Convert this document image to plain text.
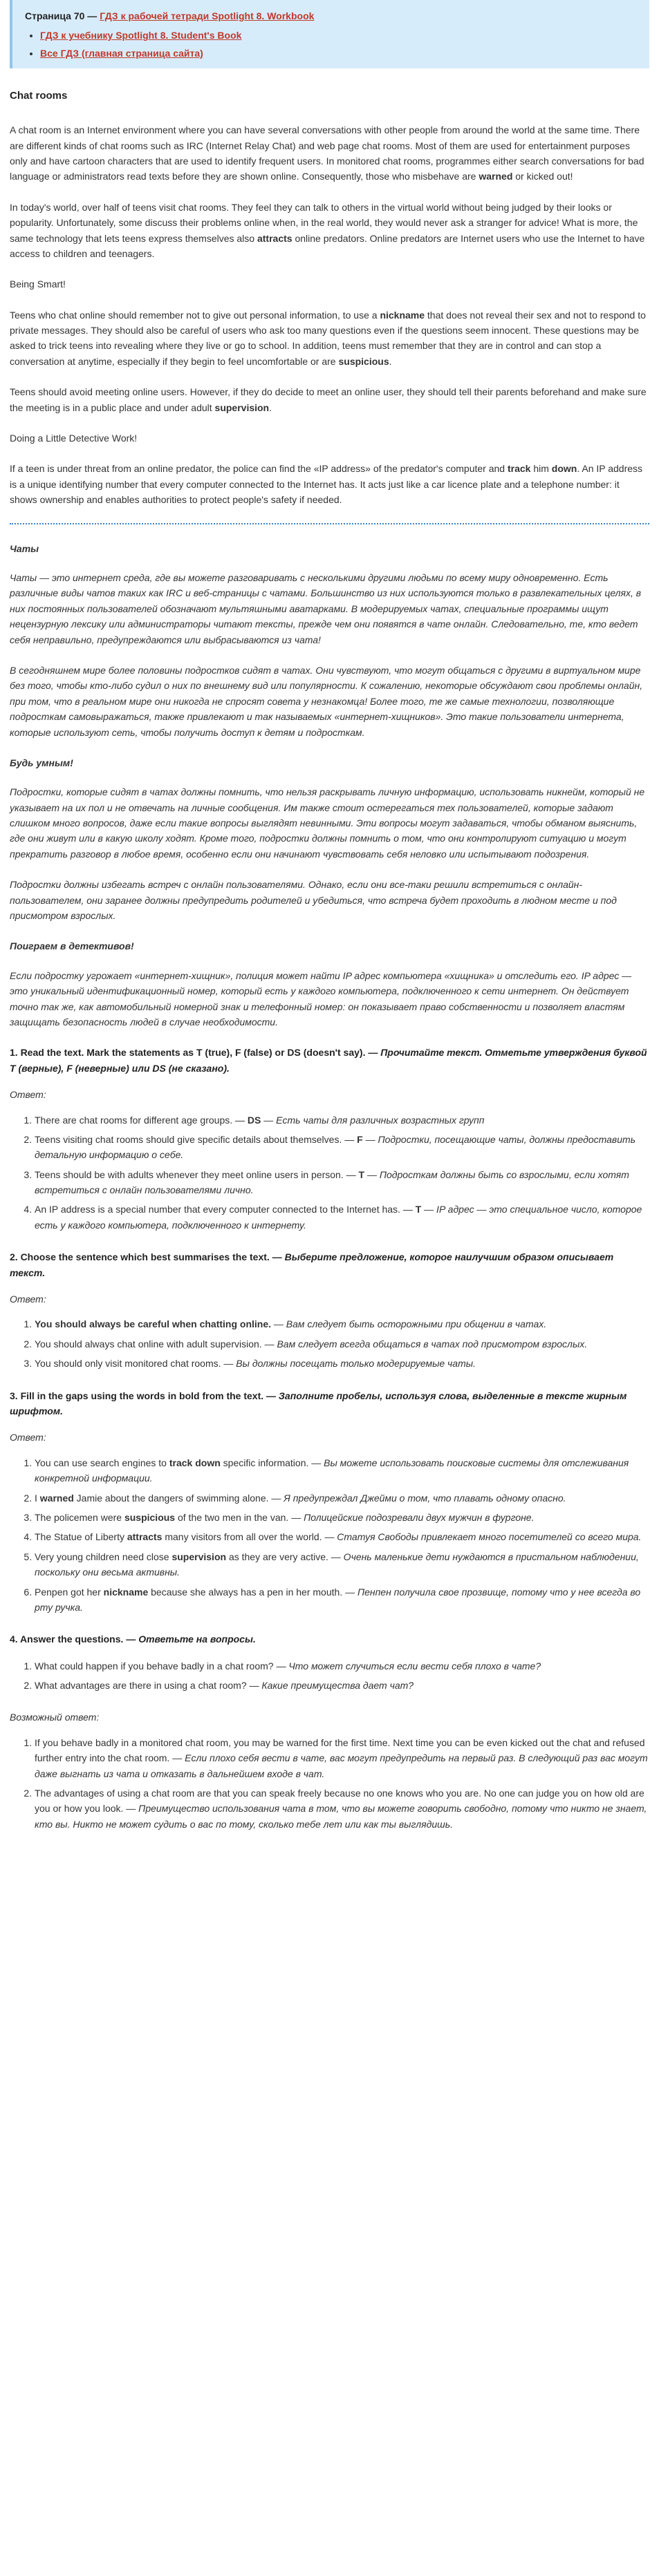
Страница 70 — ГДЗ к рабочей тетради Spotlight 8. Workbook

• ГДЗ к учебнику Spotlight 8. Student's Book
• Все ГДЗ (главная страница сайта)
Chat rooms

A chat room is an Internet environment where you can have several conversations with other people from around the world at the same time. There are different kinds of chat rooms such as IRC (Internet Relay Chat) and web page chat rooms. Most of them are used for entertainment purposes only and have cartoon characters that are used to identify frequent users. In monitored chat rooms, programmes either search conversations for bad language or administrators read texts before they are shown online. Consequently, those who misbehave are warned or kicked out!

In today's world, over half of teens visit chat rooms. They feel they can talk to others in the virtual world without being judged by their looks or popularity. Unfortunately, some discuss their problems online when, in the real world, they would never ask a stranger for advice! What is more, the same technology that lets teens express themselves also attracts online predators. Online predators are Internet users who use the Internet to have access to children and teenagers.

Being Smart!

Teens who chat online should remember not to give out personal information, to use a nickname that does not reveal their sex and not to respond to private messages. They should also be careful of users who ask too many questions even if the questions seem innocent. These questions may be asked to trick teens into revealing where they live or go to school. In addition, teens must remember that they are in control and can stop a conversation at anytime, especially if they begin to feel uncomfortable or are suspicious.

Teens should avoid meeting online users. However, if they do decide to meet an online user, they should tell their parents beforehand and make sure the meeting is in a public place and under adult supervision.

Doing a Little Detective Work!

If a teen is under threat from an online predator, the police can find the «IP address» of the predator's computer and track him down. An IP address is a unique identifying number that every computer connected to the Internet has. It acts just like a car licence plate and a telephone number: it shows ownership and enables authorities to protect people's safety if needed.

Чаты

Чаты — это интернет среда, где вы можете разговаривать с несколькими другими людьми по всему миру одновременно. Есть различные виды чатов таких как IRC и веб-страницы с чатами. Большинство из них используются только в развлекательных целях, в них постоянных пользователей обозначают мультяшными аватарками. В модерируемых чатах, специальные программы ищут нецензурную лексику или администраторы читают тексты, прежде чем они появятся в чате онлайн. Следовательно, те, кто ведет себя неправильно, предупреждаются или выбрасываются из чата!

В сегодняшнем мире более половины подростков сидят в чатах. Они чувствуют, что могут общаться с другими в виртуальном мире без того, чтобы кто-либо судил о них по внешнему вид или популярности. К сожалению, некоторые обсуждают свои проблемы онлайн, при том, что в реальном мире они никогда не спросят совета у незнакомца! Более того, те же самые технологии, позволяющие подросткам самовыражаться, также привлекают и так называемых «интернет-хищников». Это такие пользователи интернета, которые используют сеть, чтобы получить доступ к детям и подросткам.

Будь умным!

Подростки, которые сидят в чатах должны помнить, что нельзя раскрывать личную информацию, использовать никнейм, который не указывает на их пол и не отвечать на личные сообщения. Им также стоит остерегаться тех пользователей, которые задают слишком много вопросов, даже если такие вопросы выглядят невинными. Эти вопросы могут задаваться, чтобы обманом выяснить, где они живут или в какую школу ходят. Кроме того, подростки должны помнить о том, что они контролируют ситуацию и могут прекратить разговор в любое время, особенно если они начинают чувствовать себя неловко или испытывают подозрения.

Подростки должны избегать встреч с онлайн пользователями. Однако, если они все-таки решили встретиться с онлайн-пользователем, они заранее должны предупредить родителей и убедиться, что встреча будет проходить в людном месте и под присмотром взрослых.

Поиграем в детективов!

Если подростку угрожает «интернет-хищник», полиция может найти IP адрес компьютера «хищника» и отследить его. IP адрес — это уникальный идентификационный номер, который есть у каждого компьютера, подключенного к сети интернет. Он действует точно так же, как автомобильный номерной знак и телефонный номер: он показывает право собственности и позволяет властям защищать безопасность людей в случае необходимости.

1. Read the text. Mark the statements as T (true), F (false) or DS (doesn't say). — Прочитайте текст. Отметьте утверждения буквой T (верные), F (неверные) или DS (не сказано).

Ответ:

1. There are chat rooms for different age groups. — DS — Есть чаты для различных возрастных групп
2. Teens visiting chat rooms should give specific details about themselves. — F — Подростки, посещающие чаты, должны предоставить детальную информацию о себе.
3. Teens should be with adults whenever they meet online users in person. — T — Подросткам должны быть со взрослыми, если хотят встретиться с онлайн пользователями лично.
4. An IP address is a special number that every computer connected to the Internet has. — T — IP адрес — это специальное число, которое есть у каждого компьютера, подключенного к интернету.

2. Choose the sentence which best summarises the text. — Выберите предложение, которое наилучшим образом описывает текст.

Ответ:

1. You should always be careful when chatting online. — Вам следует быть осторожными при общении в чатах.
2. You should always chat online with adult supervision. — Вам следует всегда общаться в чатах под присмотром взрослых.
3. You should only visit monitored chat rooms. — Вы должны посещать только модерируемые чаты.

3. Fill in the gaps using the words in bold from the text. — Заполните пробелы, используя слова, выделенные в тексте жирным шрифтом.

Ответ:

1. You can use search engines to track down specific information. — Вы можете использовать поисковые системы для отслеживания конкретной информации.
2. I warned Jamie about the dangers of swimming alone. — Я предупреждал Джейми о том, что плавать одному опасно.
3. The policemen were suspicious of the two men in the van. — Полицейские подозревали двух мужчин в фургоне.
4. The Statue of Liberty attracts many visitors from all over the world. — Статуя Свободы привлекает много посетителей со всего мира.
5. Very young children need close supervision as they are very active. — Очень маленькие дети нуждаются в пристальном наблюдении, поскольку они весьма активны.
6. Penpen got her nickname because she always has a pen in her mouth. — Пенпен получила свое прозвище, потому что у нее всегда во рту ручка.

4. Answer the questions. — Ответьте на вопросы.

1. What could happen if you behave badly in a chat room? — Что может случиться если вести себя плохо в чате?
2. What advantages are there in using a chat room? — Какие преимущества дает чат?

Возможный ответ:

1. If you behave badly in a monitored chat room, you may be warned for the first time. Next time you can be even kicked out the chat and refused further entry into the chat room. — Если плохо себя вести в чате, вас могут предупредить на первый раз. В следующий раз вас могут даже выгнать из чата и отказать в дальнейшем входе в чат.
2. The advantages of using a chat room are that you can speak freely because no one knows who you are. No one can judge you on how old are you or how you look. — Преимущество использования чата в том, что вы можете говорить свободно, потому что никто не знает, кто вы. Никто не может судить о вас по тому, сколько тебе лет или как ты выглядишь.
